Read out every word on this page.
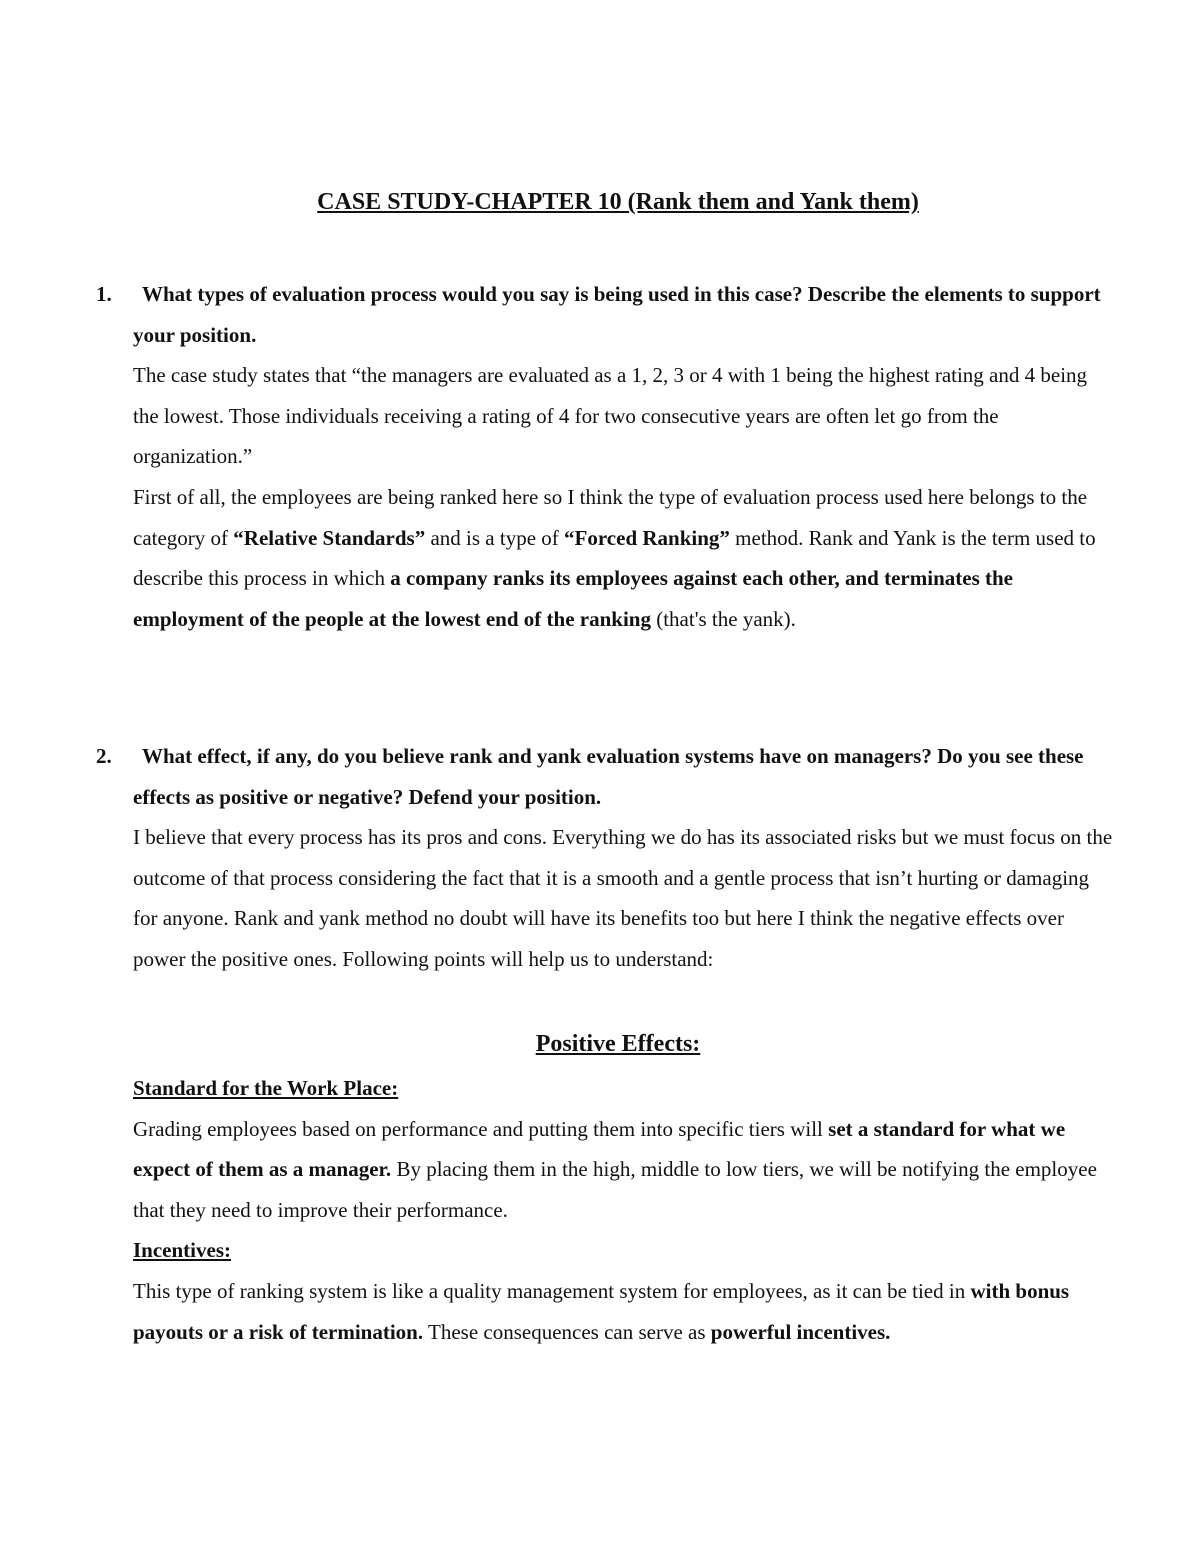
CASE STUDY-CHAPTER 10 (Rank them and Yank them)
1.	What types of evaluation process would you say is being used in this case? Describe the elements to support your position.

The case study states that “the managers are evaluated as a 1, 2, 3 or 4 with 1 being the highest rating and 4 being the lowest. Those individuals receiving a rating of 4 for two consecutive years are often let go from the organization.”

First of all, the employees are being ranked here so I think the type of evaluation process used here belongs to the category of “Relative Standards” and is a type of “Forced Ranking” method. Rank and Yank is the term used to describe this process in which a company ranks its employees against each other, and terminates the employment of the people at the lowest end of the ranking (that's the yank).

2.	What effect, if any, do you believe rank and yank evaluation systems have on managers? Do you see these effects as positive or negative? Defend your position.

I believe that every process has its pros and cons. Everything we do has its associated risks but we must focus on the outcome of that process considering the fact that it is a smooth and a gentle process that isn’t hurting or damaging for anyone. Rank and yank method no doubt will have its benefits too but here I think the negative effects over power the positive ones. Following points will help us to understand:

Positive Effects:
Standard for the Work Place:

Grading employees based on performance and putting them into specific tiers will set a standard for what we expect of them as a manager. By placing them in the high, middle to low tiers, we will be notifying the employee that they need to improve their performance.

Incentives:

This type of ranking system is like a quality management system for employees, as it can be tied in with bonus payouts or a risk of termination. These consequences can serve as powerful incentives.
